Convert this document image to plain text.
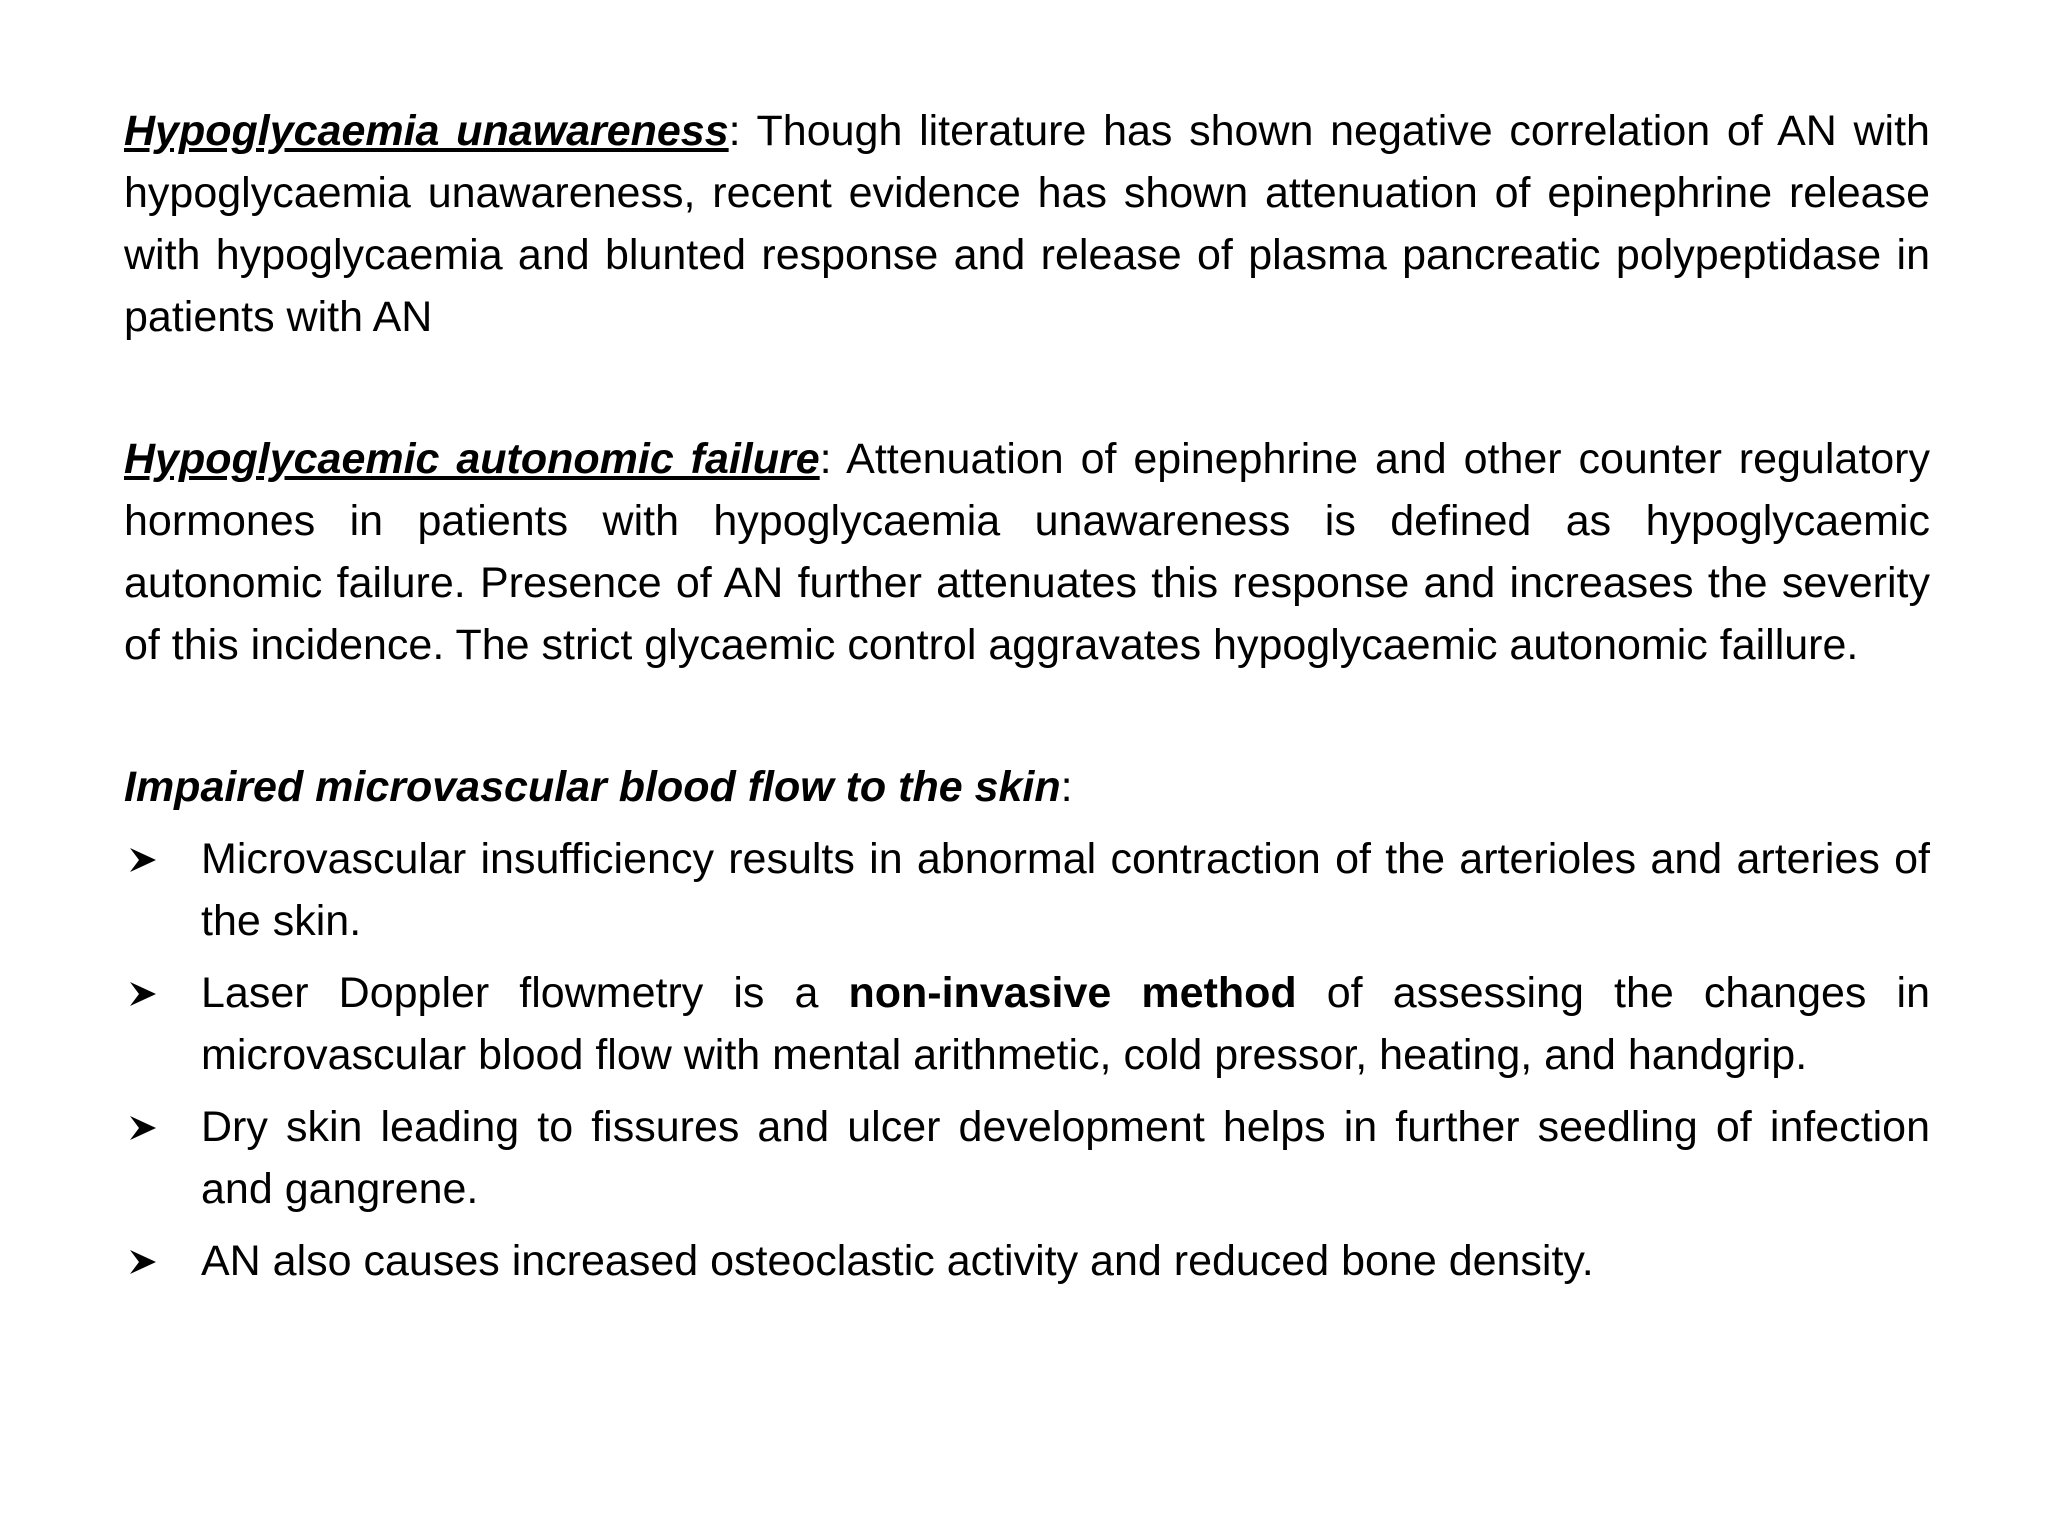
Hypoglycaemia unawareness: Though literature has shown negative correlation of AN with hypoglycaemia unawareness, recent evidence has shown attenuation of epinephrine release with hypoglycaemia and blunted response and release of plasma pancreatic polypeptidase in patients with AN

Hypoglycaemic autonomic failure: Attenuation of epinephrine and other counter regulatory hormones in patients with hypoglycaemia unawareness is defined as hypoglycaemic autonomic failure. Presence of AN further attenuates this response and increases the severity of this incidence. The strict glycaemic control aggravates hypoglycaemic autonomic faillure.

Impaired microvascular blood flow to the skin:
Microvascular insufficiency results in abnormal contraction of the arterioles and arteries of the skin.
Laser Doppler flowmetry is a non-invasive method of assessing the changes in microvascular blood flow with mental arithmetic, cold pressor, heating, and handgrip.
Dry skin leading to fissures and ulcer development helps in further seedling of infection and gangrene.
AN also causes increased osteoclastic activity and reduced bone density.
